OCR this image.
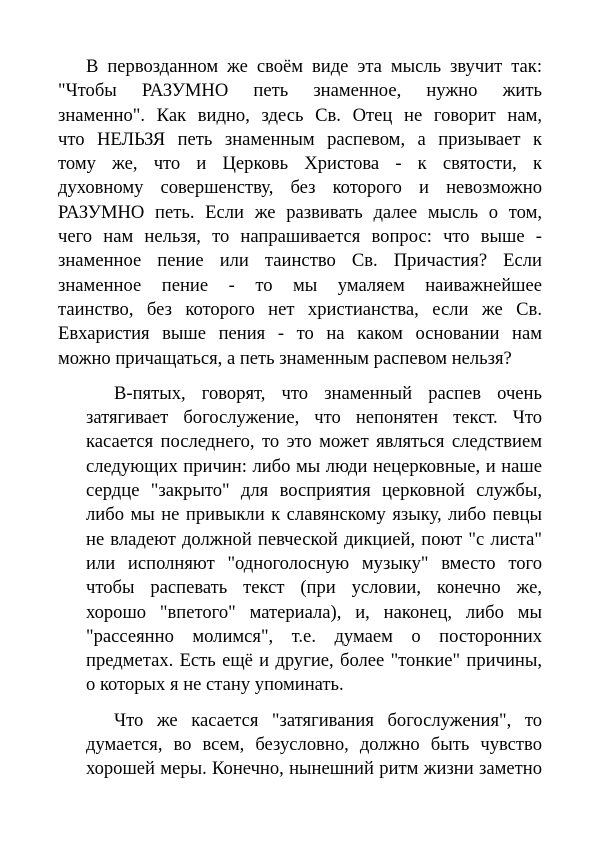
В первозданном же своём виде эта мысль звучит так:
"Чтобы РАЗУМНО петь знаменное, нужно жить
знаменно". Как видно, здесь Св. Отец не говорит нам,
что НЕЛЬЗЯ петь знаменным распевом, а призывает к
тому же, что и Церковь Христова - к святости, к
духовному совершенству, без которого и невозможно
РАЗУМНО петь. Если же развивать далее мысль о том,
чего нам нельзя, то напрашивается вопрос: что выше -
знаменное пение или таинство Св. Причастия? Если
знаменное пение - то мы умаляем наиважнейшее
таинство, без которого нет христианства, если же Св.
Евхаристия выше пения - то на каком основании нам
можно причащаться, а петь знаменным распевом нельзя?

В-пятых, говорят, что знаменный распев очень
затягивает богослужение, что непонятен текст. Что
касается последнего, то это может являться следствием
следующих причин: либо мы люди нецерковные, и наше
сердце "закрыто" для восприятия церковной службы,
либо мы не привыкли к славянскому языку, либо певцы
не владеют должной певческой дикцией, поют "с листа"
или исполняют "одноголосную музыку" вместо того
чтобы распевать текст (при условии, конечно же,
хорошо "впетого" материала), и, наконец, либо мы
"рассеянно молимся", т.е. думаем о посторонних
предметах. Есть ещё и другие, более "тонкие" причины,
о которых я не стану упоминать.

Что же касается "затягивания богослужения", то
думается, во всем, безусловно, должно быть чувство
хорошей меры. Конечно, нынешний ритм жизни заметно
